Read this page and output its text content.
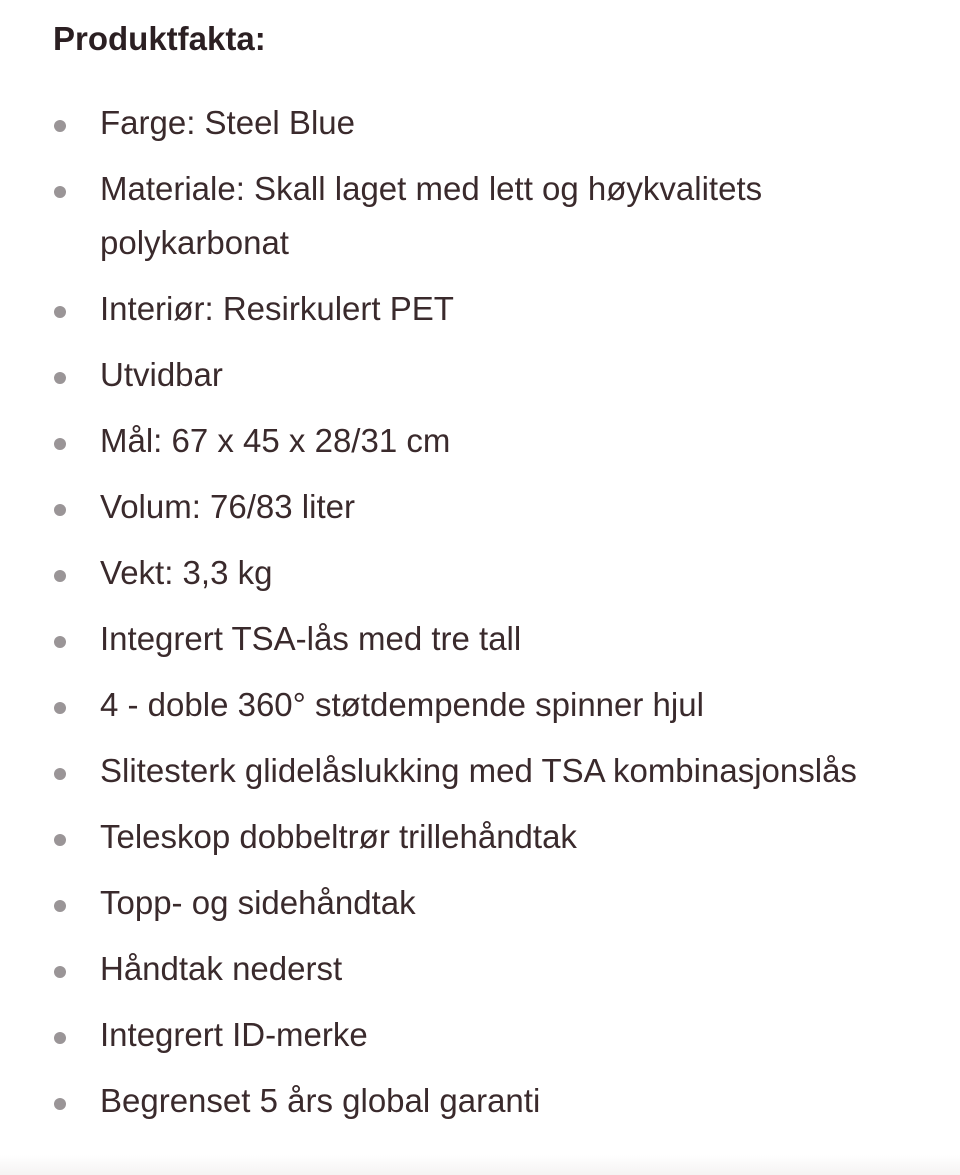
Produktfakta:
Farge: Steel Blue
Materiale: Skall laget med lett og høykvalitets polykarbonat
Interiør: Resirkulert PET
Utvidbar
Mål: 67 x 45 x 28/31 cm
Volum: 76/83 liter
Vekt: 3,3 kg
Integrert TSA-lås med tre tall
4 - doble 360° støtdempende spinner hjul
Slitesterk glidelåslukking med TSA kombinasjonslås
Teleskop dobbeltrør trillehåndtak
Topp- og sidehåndtak
Håndtak nederst
Integrert ID-merke
Begrenset 5 års global garanti
